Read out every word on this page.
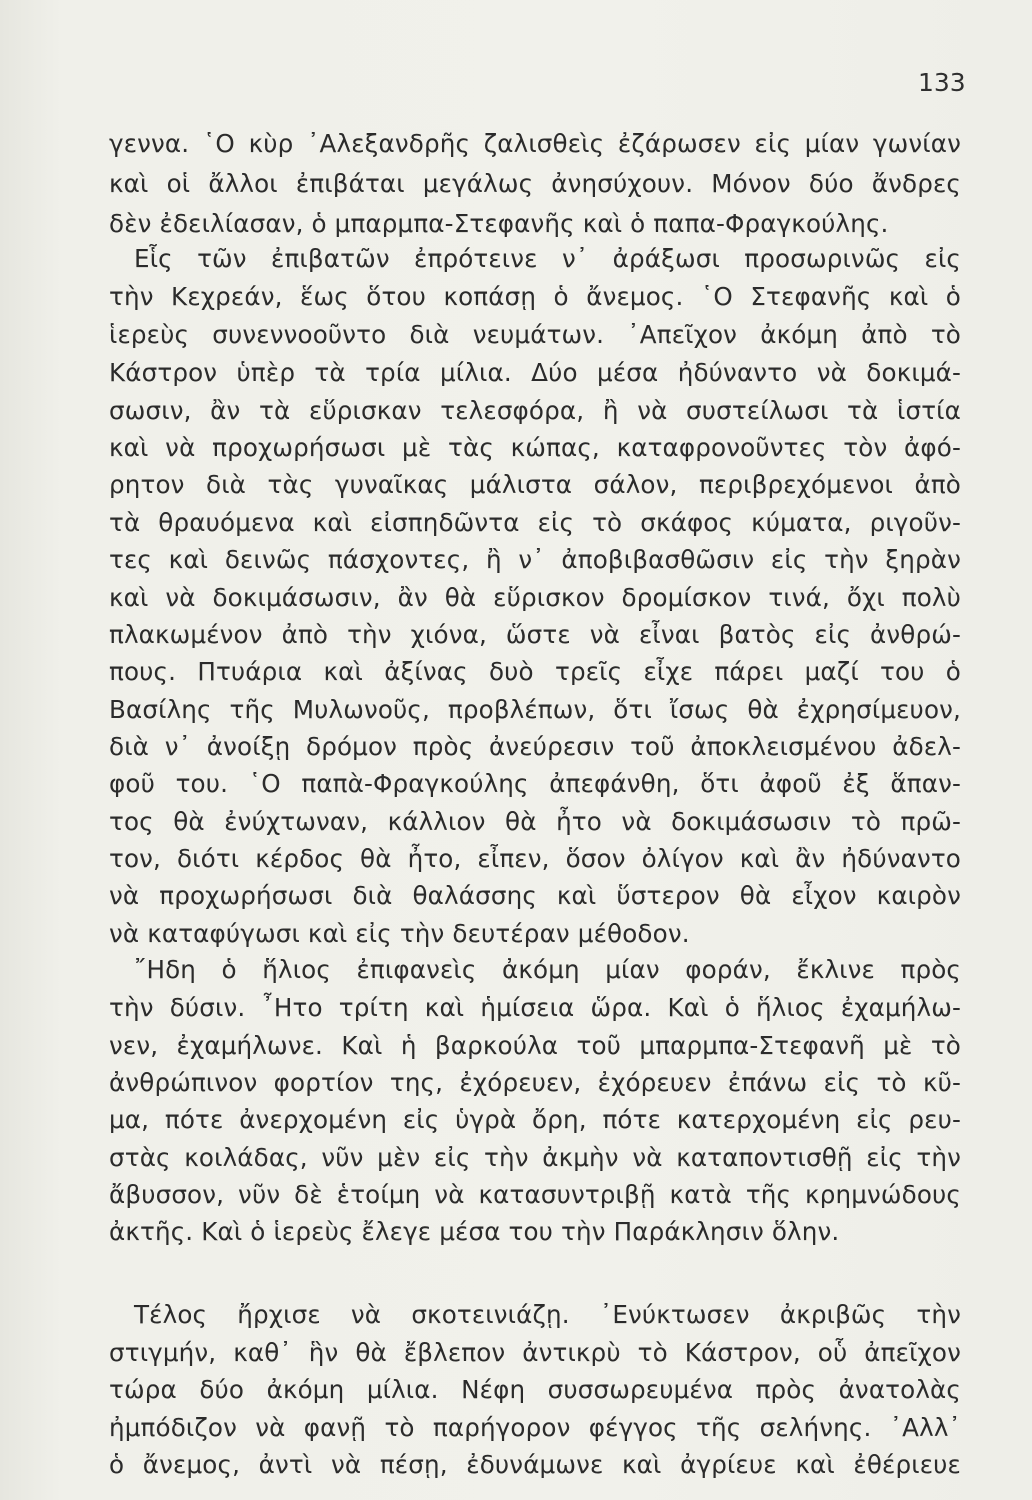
133
γεννα. ῾Ο κὺρ ᾿Αλεξανδρῆς ζαλισθεὶς ἐζάρωσεν εἰς μίαν γωνίαν
καὶ οἱ ἄλλοι ἐπιβάται μεγάλως ἀνησύχουν. Μόνον δύο ἄνδρες
δὲν ἐδειλίασαν, ὁ μπαρμπα-Στεφανῆς καὶ ὁ παπα-Φραγκούλης.
Εἷς τῶν ἐπιβατῶν ἐπρότεινε ν᾿ ἀράξωσι προσωρινῶς εἰς
τὴν Κεχρεάν, ἕως ὅτου κοπάσῃ ὁ ἄνεμος. ῾Ο Στεφανῆς καὶ ὁ
ἱερεὺς συνεννοοῦντο διὰ νευμάτων. ᾿Απεῖχον ἀκόμη ἀπὸ τὸ
Κάστρον ὑπὲρ τὰ τρία μίλια. Δύο μέσα ἠδύναντο νὰ δοκιμά-
σωσιν, ἂν τὰ εὕρισκαν τελεσφόρα, ἢ νὰ συστείλωσι τὰ ἱστία
καὶ νὰ προχωρήσωσι μὲ τὰς κώπας, καταφρονοῦντες τὸν ἀφό-
ρητον διὰ τὰς γυναῖκας μάλιστα σάλον, περιβρεχόμενοι ἀπὸ
τὰ θραυόμενα καὶ εἰσπηδῶντα εἰς τὸ σκάφος κύματα, ριγοῦν-
τες καὶ δεινῶς πάσχοντες, ἢ ν᾿ ἀποβιβασθῶσιν εἰς τὴν ξηρὰν
καὶ νὰ δοκιμάσωσιν, ἂν θὰ εὕρισκον δρομίσκον τινά, ὄχι πολὺ
πλακωμένον ἀπὸ τὴν χιόνα, ὥστε νὰ εἶναι βατὸς εἰς ἀνθρώ-
πους. Πτυάρια καὶ ἀξίνας δυὸ τρεῖς εἶχε πάρει μαζί του ὁ
Βασίλης τῆς Μυλωνοῦς, προβλέπων, ὅτι ἴσως θὰ ἐχρησίμευον,
διὰ ν᾿ ἀνοίξῃ δρόμον πρὸς ἀνεύρεσιν τοῦ ἀποκλεισμένου ἀδελ-
φοῦ του. ῾Ο παπὰ-Φραγκούλης ἀπεφάνθη, ὅτι ἀφοῦ ἐξ ἅπαν-
τος θὰ ἐνύχτωναν, κάλλιον θὰ ἦτο νὰ δοκιμάσωσιν τὸ πρῶ-
τον, διότι κέρδος θὰ ἦτο, εἶπεν, ὅσον ὀλίγον καὶ ἂν ἠδύναντο
νὰ προχωρήσωσι διὰ θαλάσσης καὶ ὕστερον θὰ εἶχον καιρὸν
νὰ καταφύγωσι καὶ εἰς τὴν δευτέραν μέθοδον.
῎Ηδη ὁ ἥλιος ἐπιφανεὶς ἀκόμη μίαν φοράν, ἔκλινε πρὸς
τὴν δύσιν. ῏Ητο τρίτη καὶ ἡμίσεια ὥρα. Καὶ ὁ ἥλιος ἐχαμήλω-
νεν, ἐχαμήλωνε. Καὶ ἡ βαρκούλα τοῦ μπαρμπα-Στεφανῆ μὲ τὸ
ἀνθρώπινον φορτίον της, ἐχόρευεν, ἐχόρευεν ἐπάνω εἰς τὸ κῦ-
μα, πότε ἀνερχομένη εἰς ὑγρὰ ὄρη, πότε κατερχομένη εἰς ρευ-
στὰς κοιλάδας, νῦν μὲν εἰς τὴν ἀκμὴν νὰ καταποντισθῇ εἰς τὴν
ἄβυσσον, νῦν δὲ ἑτοίμη νὰ κατασυντριβῇ κατὰ τῆς κρημνώδους
ἀκτῆς. Καὶ ὁ ἱερεὺς ἔλεγε μέσα του τὴν Παράκλησιν ὅλην.
Τέλος ἤρχισε νὰ σκοτεινιάζῃ. ᾿Ενύκτωσεν ἀκριβῶς τὴν
στιγμήν, καθ᾿ ἣν θὰ ἔβλεπον ἀντικρὺ τὸ Κάστρον, οὗ ἀπεῖχον
τώρα δύο ἀκόμη μίλια. Νέφη συσσωρευμένα πρὸς ἀνατολὰς
ἠμπόδιζον νὰ φανῇ τὸ παρήγορον φέγγος τῆς σελήνης. ᾿Αλλ᾿
ὁ ἄνεμος, ἀντὶ νὰ πέσῃ, ἐδυνάμωνε καὶ ἀγρίευε καὶ ἐθέριευε
